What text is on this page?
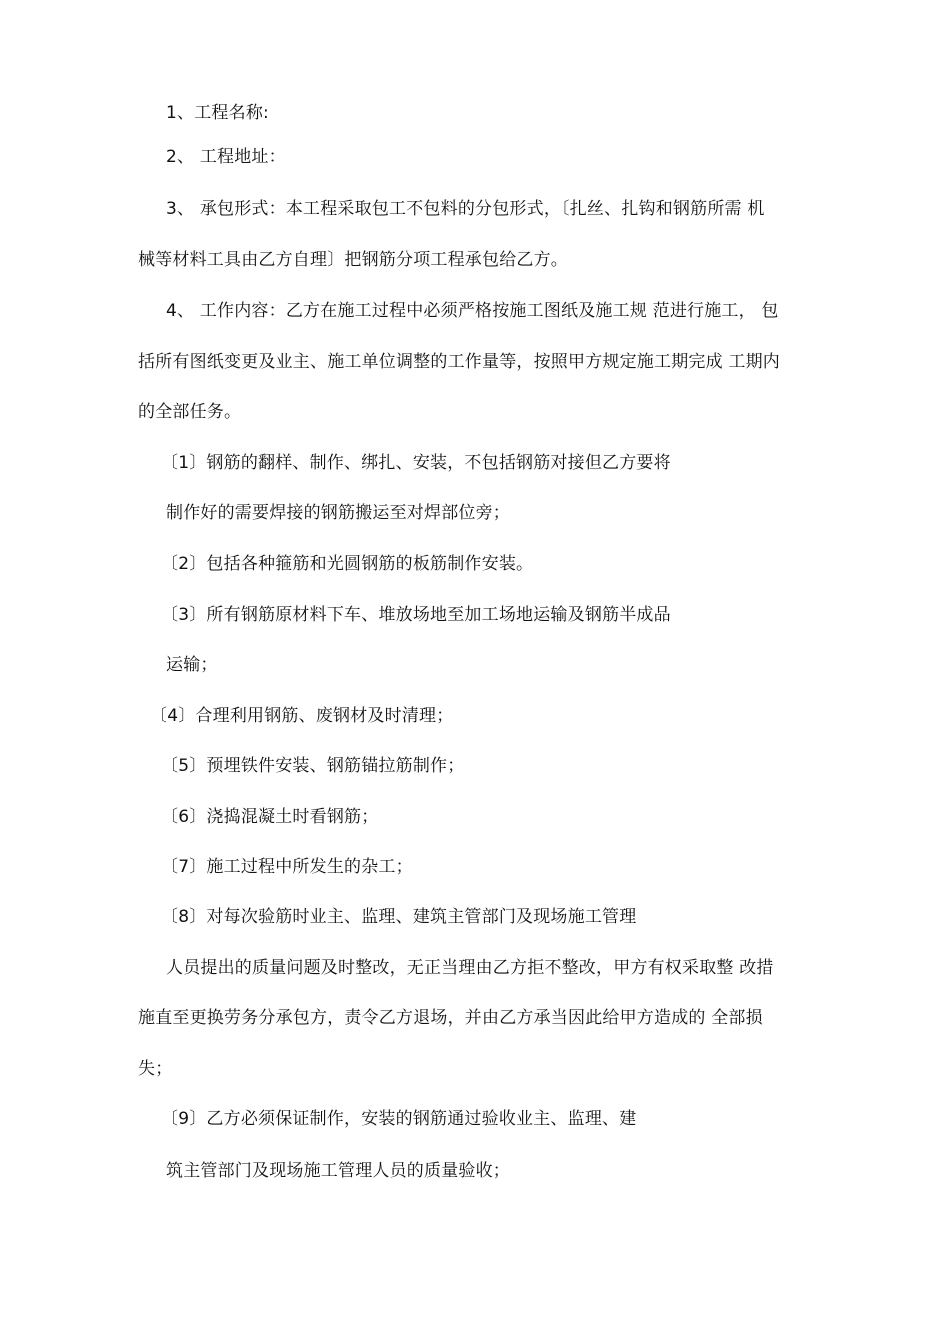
1、工程名称:
2、 工程地址：
3、 承包形式：本工程采取包工不包料的分包形式，〔扎丝、扎钩和钢筋所需 机
械等材料工具由乙方自理〕把钢筋分项工程承包给乙方。
4、 工作内容：乙方在施工过程中必须严格按施工图纸及施工规 范进行施工， 包
括所有图纸变更及业主、施工单位调整的工作量等，按照甲方规定施工期完成 工期内
的全部任务。
〔1〕钢筋的翻样、制作、绑扎、安装，不包括钢筋对接但乙方要将
制作好的需要焊接的钢筋搬运至对焊部位旁；
〔2〕包括各种箍筋和光圆钢筋的板筋制作安装。
〔3〕所有钢筋原材料下车、堆放场地至加工场地运输及钢筋半成品
运输；
〔4〕合理利用钢筋、废钢材及时清理；
〔5〕预埋铁件安装、钢筋锚拉筋制作；
〔6〕浇捣混凝土时看钢筋；
〔7〕施工过程中所发生的杂工；
〔8〕对每次验筋时业主、监理、建筑主管部门及现场施工管理
人员提出的质量问题及时整改，无正当理由乙方拒不整改，甲方有权采取整 改措
施直至更换劳务分承包方，责令乙方退场，并由乙方承当因此给甲方造成的 全部损
失；
〔9〕乙方必须保证制作，安装的钢筋通过验收业主、监理、建
筑主管部门及现场施工管理人员的质量验收；
